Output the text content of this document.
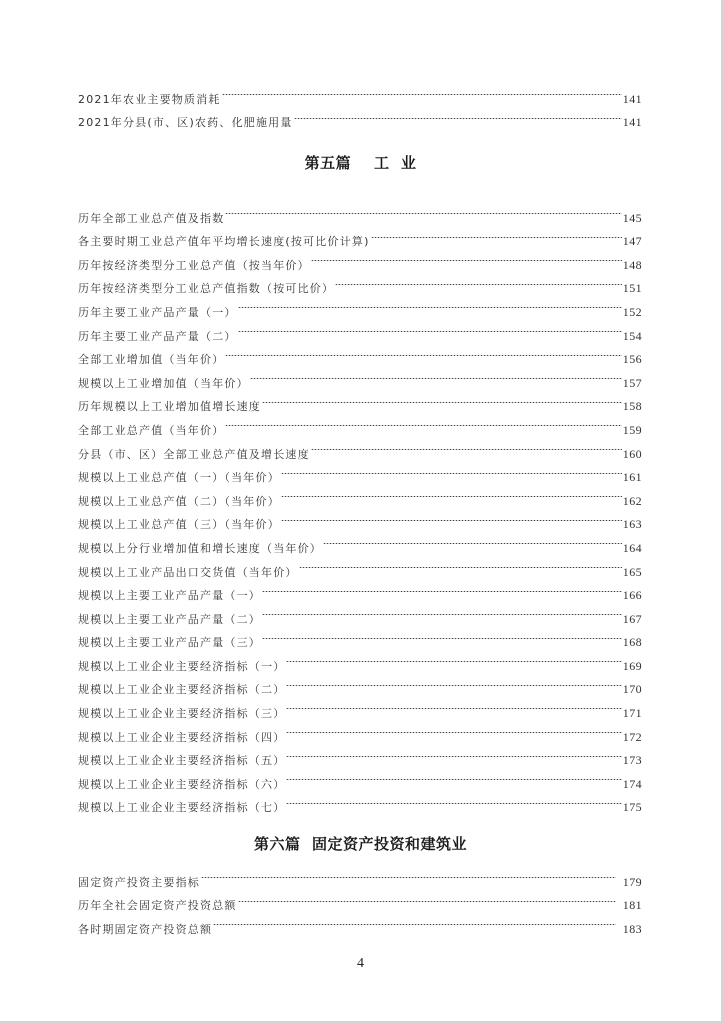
2021年农业主要物质消耗	141
2021年分县(市、区)农药、化肥施用量	141
第五篇    工  业
历年全部工业总产值及指数	145
各主要时期工业总产值年平均增长速度(按可比价计算)	147
历年按经济类型分工业总产值（按当年价）	148
历年按经济类型分工业总产值指数（按可比价）	151
历年主要工业产品产量（一）	152
历年主要工业产品产量（二）	154
全部工业增加值（当年价）	156
规模以上工业增加值（当年价）	157
历年规模以上工业增加值增长速度	158
全部工业总产值（当年价）	159
分县（市、区）全部工业总产值及增长速度	160
规模以上工业总产值（一）（当年价）	161
规模以上工业总产值（二）（当年价）	162
规模以上工业总产值（三）（当年价）	163
规模以上分行业增加值和增长速度（当年价）	164
规模以上工业产品出口交货值（当年价）	165
规模以上主要工业产品产量（一）	166
规模以上主要工业产品产量（二）	167
规模以上主要工业产品产量（三）	168
规模以上工业企业主要经济指标（一）	169
规模以上工业企业主要经济指标（二）	170
规模以上工业企业主要经济指标（三）	171
规模以上工业企业主要经济指标（四）	172
规模以上工业企业主要经济指标（五）	173
规模以上工业企业主要经济指标（六）	174
规模以上工业企业主要经济指标（七）	175
第六篇  固定资产投资和建筑业
固定资产投资主要指标	179
历年全社会固定资产投资总额	181
各时期固定资产投资总额	183
4
